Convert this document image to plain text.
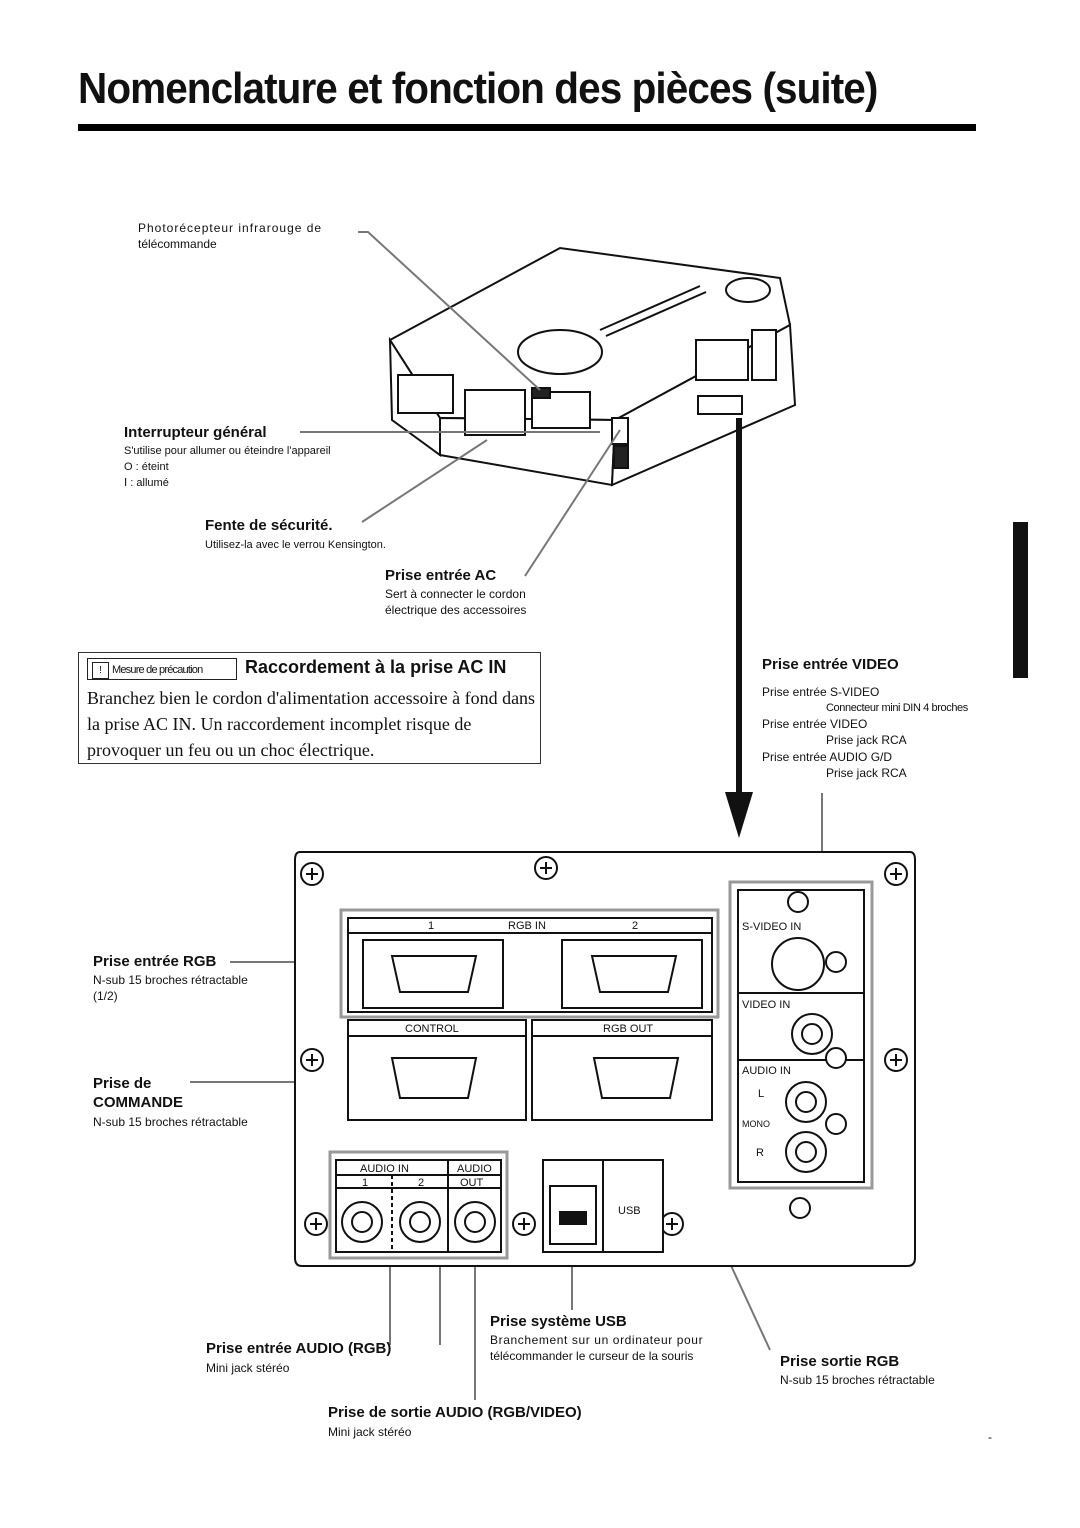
Nomenclature et fonction des pièces (suite)
1	RGB IN	2
CONTROL	RGB OUT
AUDIO IN
1	2
AUDIO
OUT
USB
S-VIDEO IN
VIDEO IN
AUDIO IN
L
MONO
R
Photorécepteur infrarouge de
télécommande
Interrupteur général
S'utilise pour allumer ou éteindre l'appareil
O : éteint
Ⅰ : allumé
Fente de sécurité.
Utilisez-la avec le verrou Kensington.
Prise entrée AC
Sert à connecter le cordon
électrique des accessoires
! Mesure de précaution	Raccordement à la prise AC IN
Branchez bien le cordon d'alimentation accessoire à fond dans la prise AC IN. Un raccordement incomplet risque de provoquer un feu ou un choc électrique.
Prise entrée VIDEO
Prise entrée S-VIDEO
Connecteur mini DIN 4 broches
Prise entrée VIDEO
Prise jack RCA
Prise entrée AUDIO G/D
Prise jack RCA
Prise entrée RGB
N-sub 15 broches rétractable
(1/2)
Prise de
COMMANDE
N-sub 15 broches rétractable
Prise système USB
Branchement sur un ordinateur pour
télécommander le curseur de la souris
Prise entrée AUDIO (RGB)
Mini jack stéréo	Prise sortie RGB
N-sub 15 broches rétractable
Prise de sortie AUDIO (RGB/VIDEO)
Mini jack stéréo	-
